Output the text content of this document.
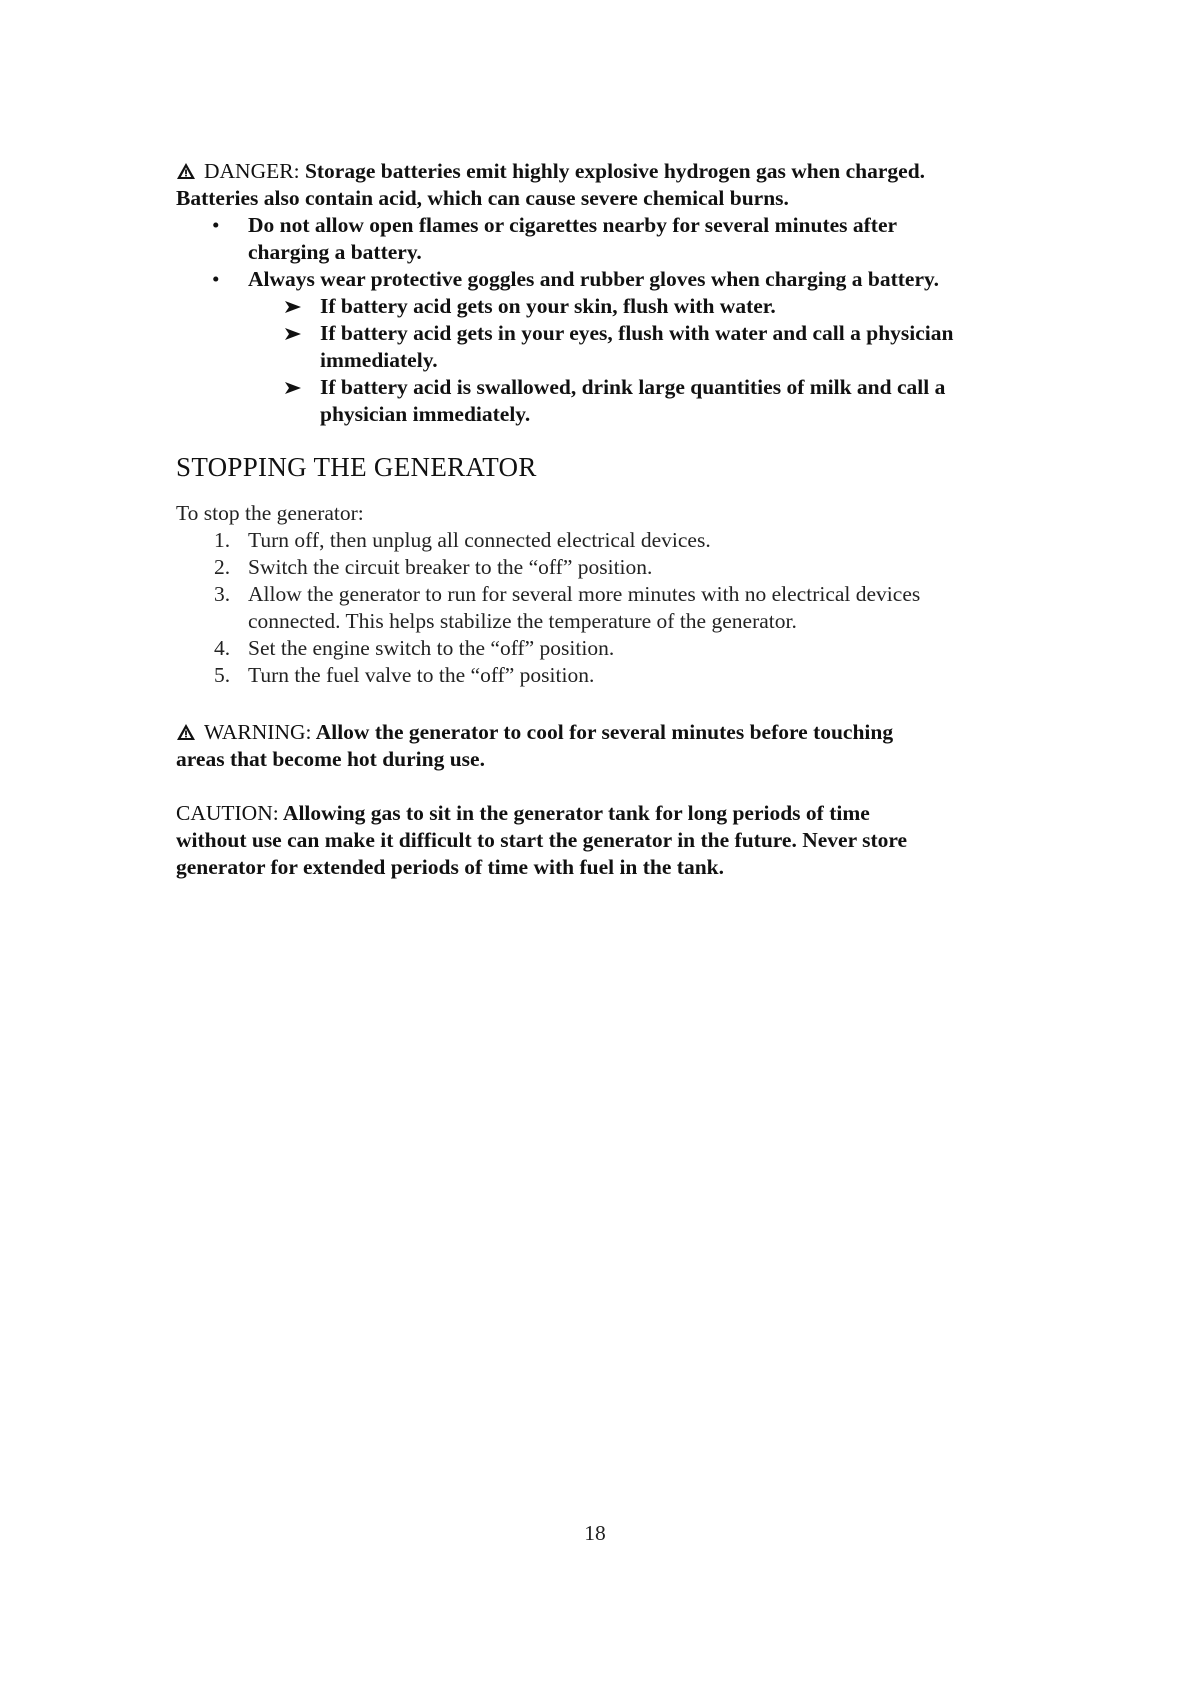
DANGER: Storage batteries emit highly explosive hydrogen gas when charged.

Batteries also contain acid, which can cause severe chemical burns.

• Do not allow open flames or cigarettes nearby for several minutes after

charging a battery.

• Always wear protective goggles and rubber gloves when charging a battery.

If battery acid gets on your skin, flush with water.

If battery acid gets in your eyes, flush with water and call a physician

immediately.

If battery acid is swallowed, drink large quantities of milk and call a

physician immediately.

STOPPING THE GENERATOR

To stop the generator:

1. Turn off, then unplug all connected electrical devices.

2. Switch the circuit breaker to the “off” position.

3. Allow the generator to run for several more minutes with no electrical devices

connected. This helps stabilize the temperature of the generator.

4. Set the engine switch to the “off” position.

5. Turn the fuel valve to the “off” position.

WARNING: Allow the generator to cool for several minutes before touching

areas that become hot during use.

CAUTION: Allowing gas to sit in the generator tank for long periods of time

without use can make it difficult to start the generator in the future. Never store

generator for extended periods of time with fuel in the tank.

18
